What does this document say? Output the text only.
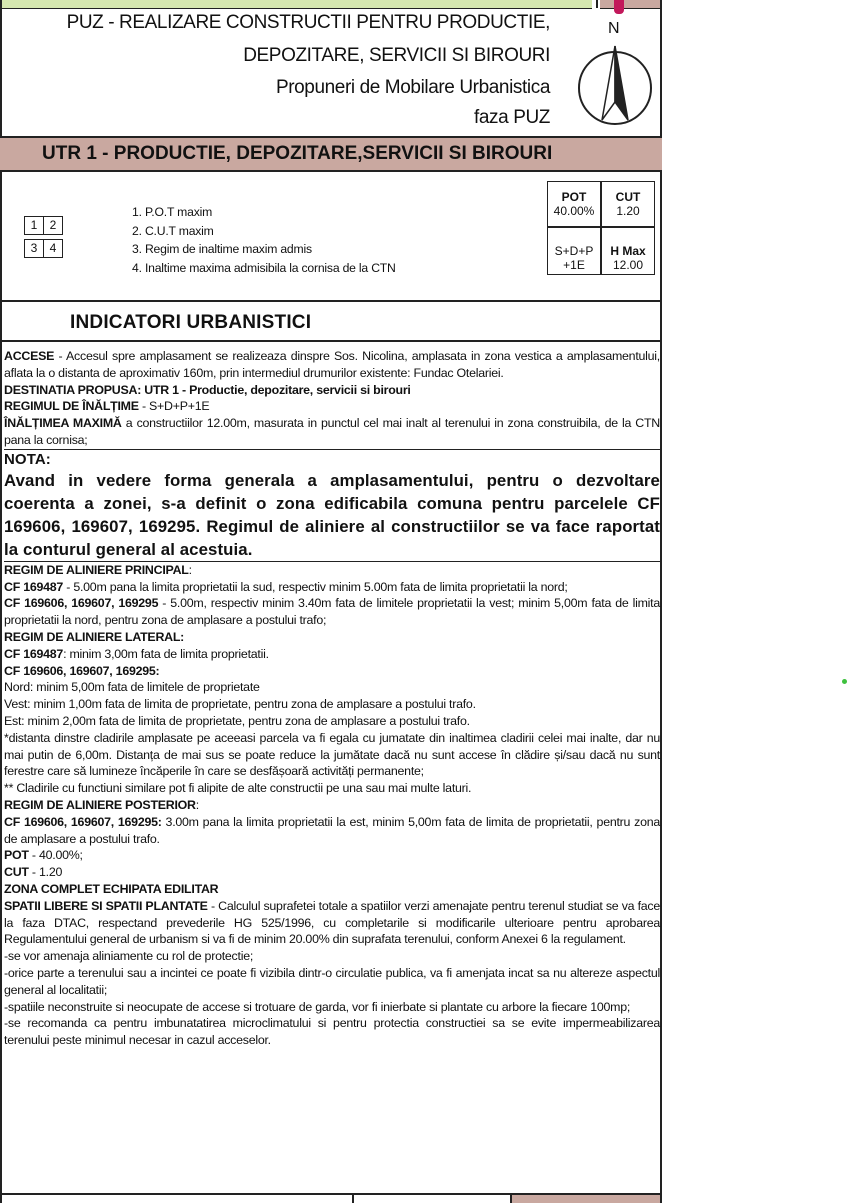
PUZ - REALIZARE CONSTRUCTII PENTRU PRODUCTIE,
DEPOZITARE, SERVICII SI BIROURI
Propuneri de Mobilare Urbanistica
faza PUZ
N
UTR 1 - PRODUCTIE, DEPOZITARE,SERVICII SI BIROURI
1	2
3	4
1. P.O.T maxim
2. C.U.T maxim
3. Regim de inaltime maxim admis
4. Inaltime maxima admisibila la cornisa de la CTN
POT
40.00%
CUT
1.20
S+D+P
+1E
H Max
12.00
INDICATORI URBANISTICI

ACCESE - Accesul spre amplasament se realizeaza dinspre Sos. Nicolina, amplasata in zona vestica a amplasamentului, aflata la o distanta de aproximativ 160m, prin intermediul drumurilor existente: Fundac Otelariei.

DESTINATIA PROPUSA: UTR 1 - Productie, depozitare, servicii si birouri

REGIMUL DE ÎNĂLȚIME - S+D+P+1E

ÎNĂLȚIMEA MAXIMĂ a constructiilor 12.00m, masurata in punctul cel mai inalt al terenului in zona construibila, de la CTN pana la cornisa;

NOTA:

Avand in vedere forma generala a amplasamentului, pentru o dezvoltare coerenta a zonei, s-a definit o zona edificabila comuna pentru parcelele CF 169606, 169607, 169295. Regimul de aliniere al constructiilor se va face raportat la conturul general al acestuia.

REGIM DE ALINIERE PRINCIPAL:

CF 169487 - 5.00m pana la limita proprietatii la sud, respectiv minim 5.00m fata de limita proprietatii la nord;

CF 169606, 169607, 169295 - 5.00m, respectiv minim 3.40m fata de limitele proprietatii la vest; minim 5,00m fata de limita proprietatii la nord, pentru zona de amplasare a postului trafo;

REGIM DE ALINIERE LATERAL:

CF 169487: minim 3,00m fata de limita proprietatii.

CF 169606, 169607, 169295:

Nord: minim 5,00m fata de limitele de proprietate

Vest: minim 1,00m fata de limita de proprietate, pentru zona de amplasare a postului trafo.

Est: minim 2,00m fata de limita de proprietate, pentru zona de amplasare a postului trafo.

*distanta dinstre cladirile amplasate pe aceeasi parcela va fi egala cu jumatate din inaltimea cladirii celei mai inalte, dar nu mai putin de 6,00m. Distanța de mai sus se poate reduce la jumătate dacă nu sunt accese în clădire și/sau dacă nu sunt ferestre care să lumineze încăperile în care se desfășoară activități permanente;

** Cladirile cu functiuni similare pot fi alipite de alte constructii pe una sau mai multe laturi.

REGIM DE ALINIERE POSTERIOR:

CF 169606, 169607, 169295: 3.00m pana la limita proprietatii la est, minim 5,00m fata de limita de proprietatii, pentru zona de amplasare a postului trafo.

POT - 40.00%;

CUT - 1.20

ZONA COMPLET ECHIPATA EDILITAR

SPATII LIBERE SI SPATII PLANTATE - Calculul suprafetei totale a spatiilor verzi amenajate pentru terenul studiat se va face la faza DTAC, respectand prevederile HG 525/1996, cu completarile si modificarile ulterioare pentru aprobarea Regulamentului general de urbanism si va fi de minim 20.00% din suprafata terenului, conform Anexei 6 la regulament.

-se vor amenaja aliniamente cu rol de protectie;

-orice parte a terenului sau a incintei ce poate fi vizibila dintr-o circulatie publica, va fi amenjata incat sa nu altereze aspectul general al localitatii;

-spatiile neconstruite si neocupate de accese si trotuare de garda, vor fi inierbate si plantate cu arbore la fiecare 100mp;

-se recomanda ca pentru imbunatatirea microclimatului si pentru protectia constructiei sa se evite impermeabilizarea terenului peste minimul necesar in cazul acceselor.
